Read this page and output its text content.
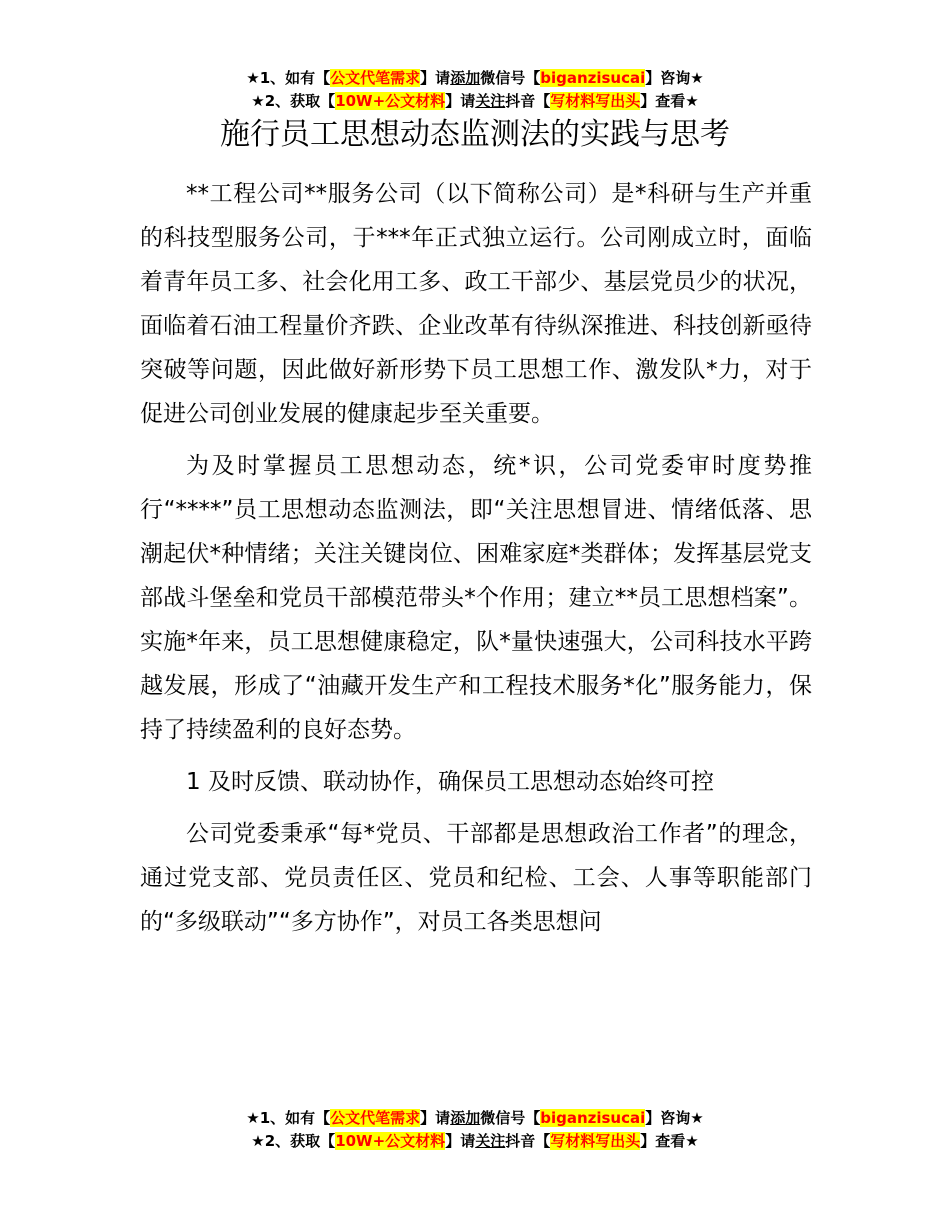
★1、如有【公文代笔需求】请添加微信号【biganzisucai】咨询★
★2、获取【10W+公文材料】请关注抖音【写材料写出头】查看★
施行员工思想动态监测法的实践与思考

**工程公司**服务公司（以下简称公司）是*科研与生产并重的科技型服务公司，于***年正式独立运行。公司刚成立时，面临着青年员工多、社会化用工多、政工干部少、基层党员少的状况，面临着石油工程量价齐跌、企业改革有待纵深推进、科技创新亟待突破等问题，因此做好新形势下员工思想工作、激发队*力，对于促进公司创业发展的健康起步至关重要。

为及时掌握员工思想动态，统*识，公司党委审时度势推行“****”员工思想动态监测法，即“关注思想冒进、情绪低落、思潮起伏*种情绪；关注关键岗位、困难家庭*类群体；发挥基层党支部战斗堡垒和党员干部模范带头*个作用；建立**员工思想档案”。实施*年来，员工思想健康稳定，队*量快速强大，公司科技水平跨越发展，形成了“油藏开发生产和工程技术服务*化”服务能力，保持了持续盈利的良好态势。

1 及时反馈、联动协作，确保员工思想动态始终可控

公司党委秉承“每*党员、干部都是思想政治工作者”的理念，通过党支部、党员责任区、党员和纪检、工会、人事等职能部门的“多级联动”“多方协作”，对员工各类思想问

★1、如有【公文代笔需求】请添加微信号【biganzisucai】咨询★
★2、获取【10W+公文材料】请关注抖音【写材料写出头】查看★
